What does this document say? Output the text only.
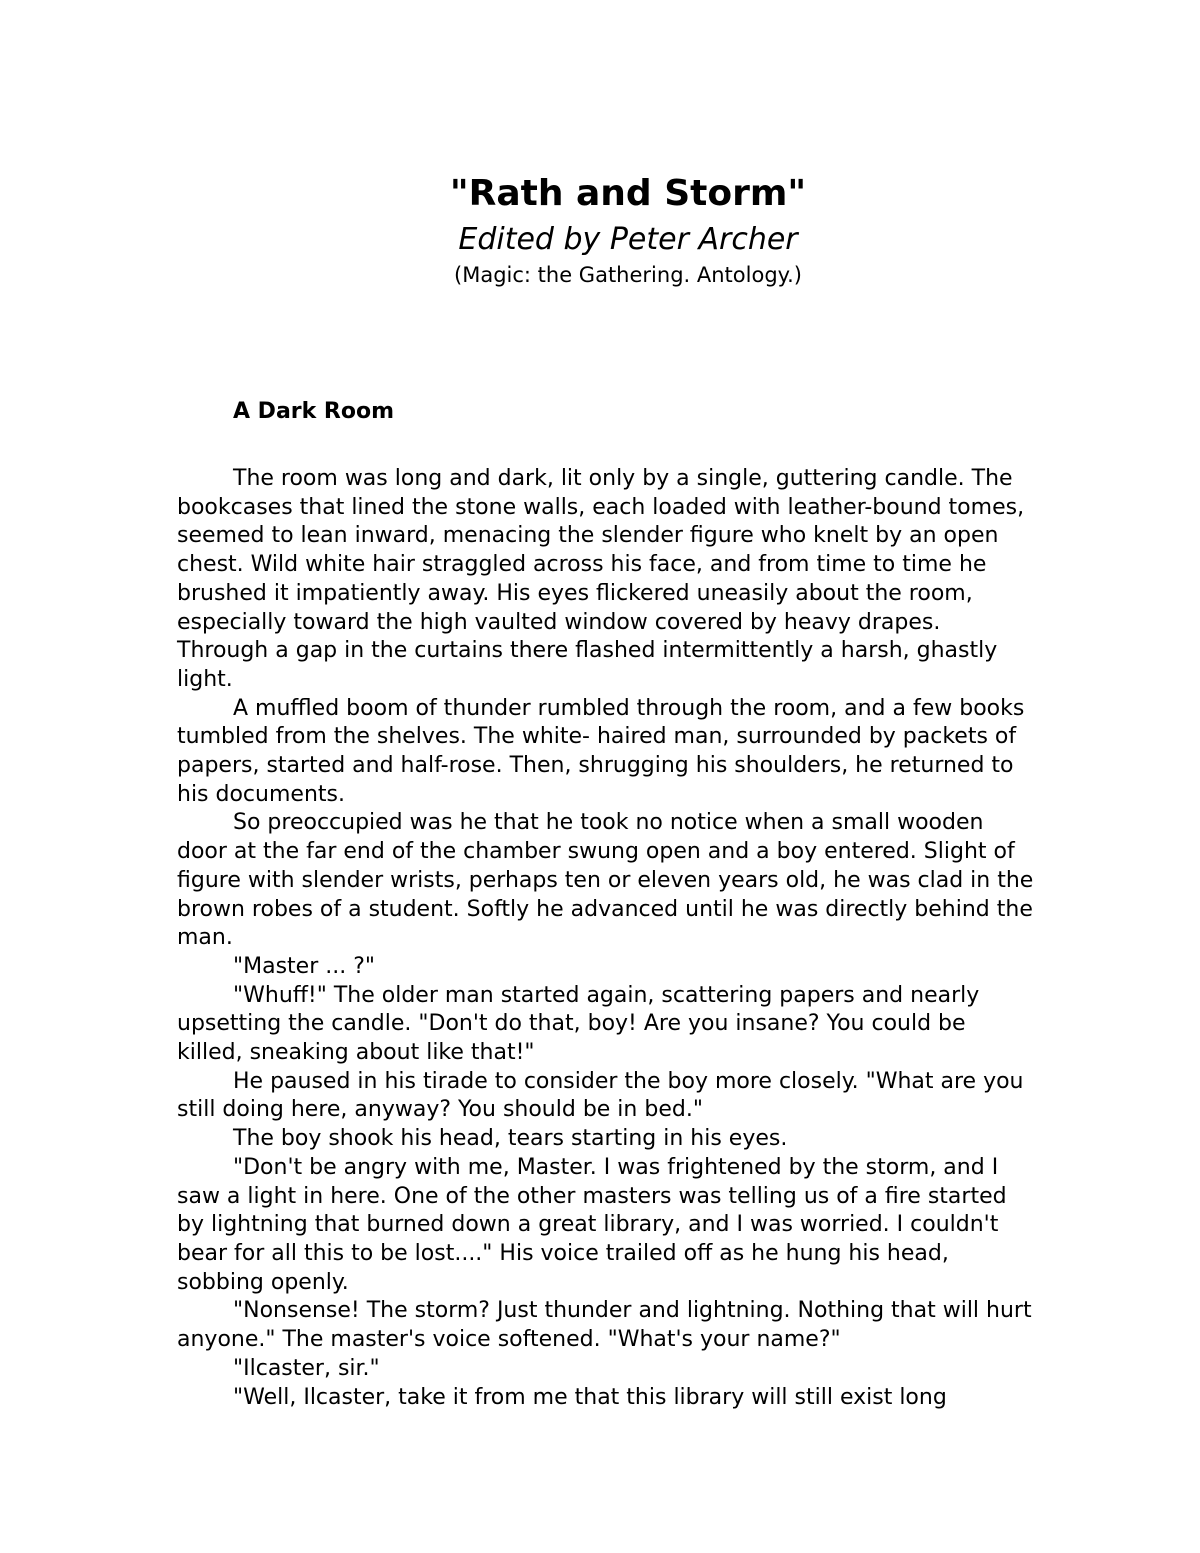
"Rath and Storm"
Edited by Peter Archer
(Magic: the Gathering. Antology.)
A Dark Room

The room was long and dark, lit only by a single, guttering candle. The bookcases that lined the stone walls, each loaded with leather-bound tomes, seemed to lean inward, menacing the slender figure who knelt by an open chest. Wild white hair straggled across his face, and from time to time he brushed it impatiently away. His eyes flickered uneasily about the room, especially toward the high vaulted window covered by heavy drapes. Through a gap in the curtains there flashed intermittently a harsh, ghastly light.

A muffled boom of thunder rumbled through the room, and a few books tumbled from the shelves. The white- haired man, surrounded by packets of papers, started and half-rose. Then, shrugging his shoulders, he returned to his documents.

So preoccupied was he that he took no notice when a small wooden door at the far end of the chamber swung open and a boy entered. Slight of figure with slender wrists, perhaps ten or eleven years old, he was clad in the brown robes of a student. Softly he advanced until he was directly behind the man.

"Master ... ?"

"Whuff!" The older man started again, scattering papers and nearly upsetting the candle. "Don't do that, boy! Are you insane? You could be killed, sneaking about like that!"

He paused in his tirade to consider the boy more closely. "What are you still doing here, anyway? You should be in bed."

The boy shook his head, tears starting in his eyes.

"Don't be angry with me, Master. I was frightened by the storm, and I saw a light in here. One of the other masters was telling us of a fire started by lightning that burned down a great library, and I was worried. I couldn't bear for all this to be lost...." His voice trailed off as he hung his head, sobbing openly.

"Nonsense! The storm? Just thunder and lightning. Nothing that will hurt anyone." The master's voice softened. "What's your name?"

"Ilcaster, sir."

"Well, Ilcaster, take it from me that this library will still exist long
